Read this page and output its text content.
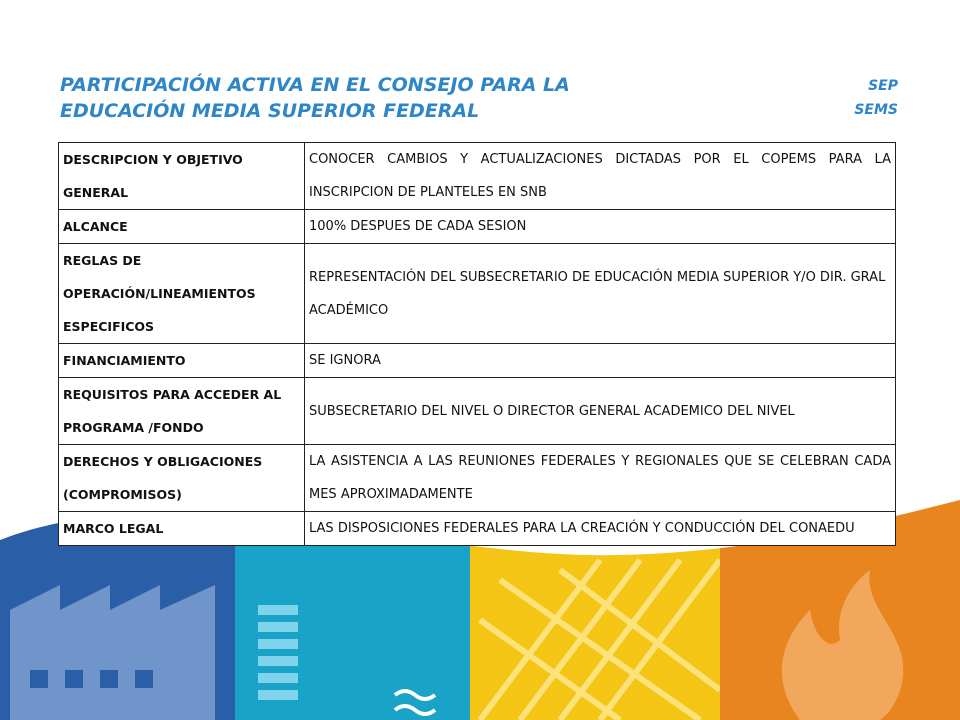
PARTICIPACIÓN ACTIVA EN EL CONSEJO PARA LA
EDUCACIÓN MEDIA SUPERIOR FEDERAL
SEP
SEMS
DESCRIPCION Y OBJETIVO GENERAL	CONOCER CAMBIOS Y ACTUALIZACIONES DICTADAS POR EL COPEMS PARA LA INSCRIPCION DE PLANTELES EN SNB
ALCANCE	100% DESPUES DE CADA SESION
REGLAS DE OPERACIÓN/LINEAMIENTOS ESPECIFICOS	REPRESENTACIÓN DEL SUBSECRETARIO DE EDUCACIÓN MEDIA SUPERIOR Y/O DIR. GRAL ACADÉMICO
FINANCIAMIENTO	SE IGNORA
REQUISITOS PARA ACCEDER AL PROGRAMA /FONDO	SUBSECRETARIO DEL NIVEL O DIRECTOR GENERAL ACADEMICO DEL NIVEL
DERECHOS Y OBLIGACIONES (COMPROMISOS)	LA ASISTENCIA A LAS REUNIONES FEDERALES Y REGIONALES QUE SE CELEBRAN CADA MES APROXIMADAMENTE
MARCO LEGAL	LAS DISPOSICIONES FEDERALES PARA LA CREACIÓN Y CONDUCCIÓN DEL CONAEDU
